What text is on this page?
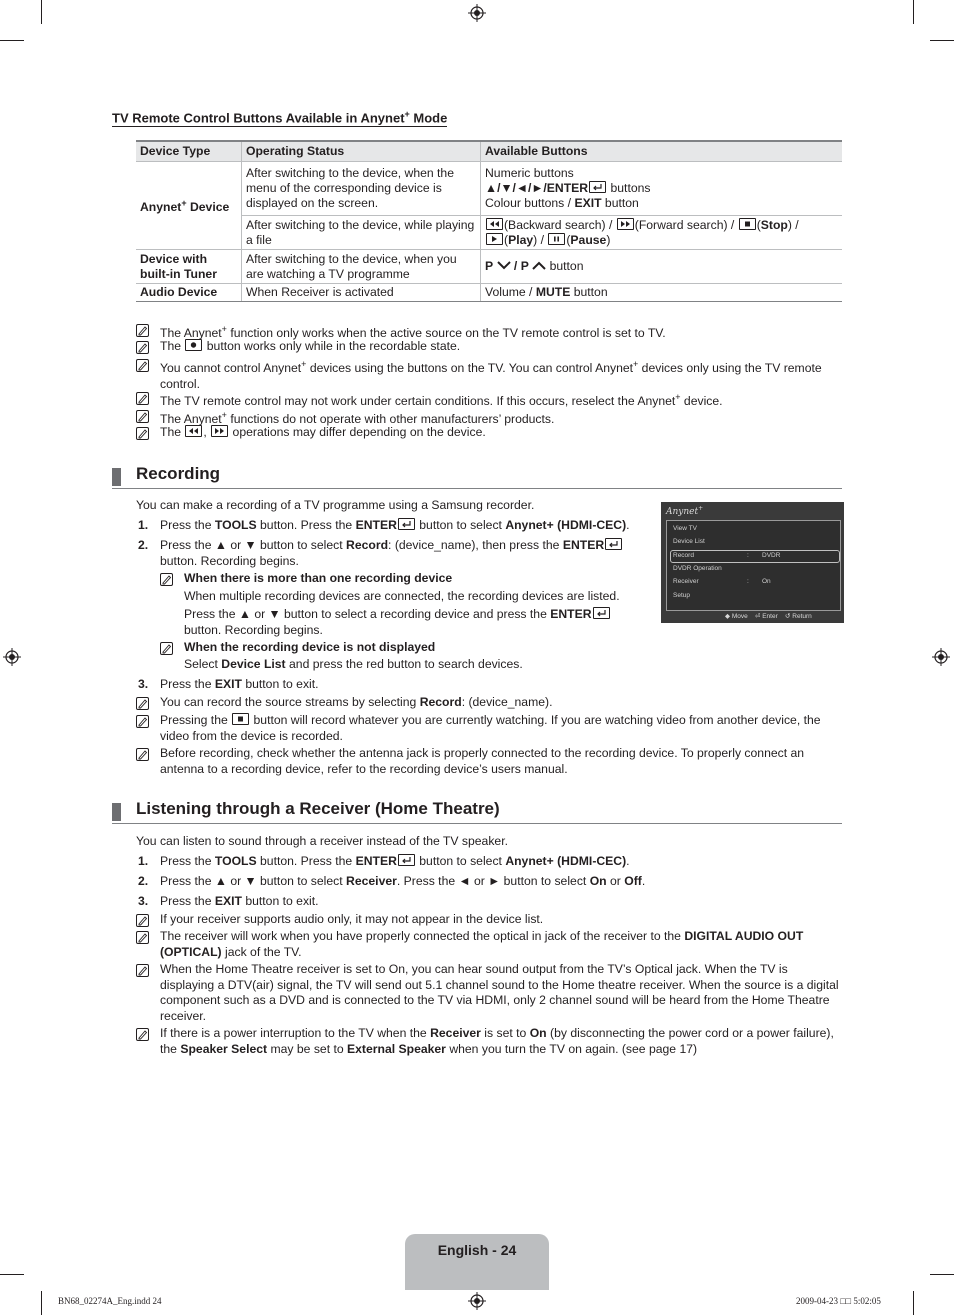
TV Remote Control Buttons Available in Anynet+ Mode
Device Type	Operating Status	Available Buttons
Anynet+ Device	After switching to the device, when the menu of the corresponding device is displayed on the screen.	Numeric buttons
▲/▼/◄/►/ENTER
buttons
Colour buttons / EXIT button

	After switching to the device, while playing a file	(Backward search) /
(Forward search) /
(Stop) /

(Play) /
(Pause)
Device with built-in Tuner	After switching to the device, when you are watching a TV programme	P  / P  button
Audio Device	When Receiver is activated	Volume / MUTE button
The Anynet+ function only works when the active source on the TV remote control is set to TV.
The
button works only while in the recordable state.
You cannot control Anynet+ devices using the buttons on the TV. You can control Anynet+ devices only using the TV remote
control.
The TV remote control may not work under certain conditions. If this occurs, reselect the Anynet+ device.
The Anynet+ functions do not operate with other manufacturers’ products.
The
,
operations may differ depending on the device.
Recording
You can make a recording of a TV programme using a Samsung recorder.
1. Press the TOOLS button. Press the ENTER
button to select Anynet+ (HDMI-CEC).
2. Press the ▲ or ▼ button to select Record: (device_name), then press the ENTER

button. Recording begins.
When there is more than one recording device
When multiple recording devices are connected, the recording devices are listed.
Press the ▲ or ▼ button to select a recording device and press the ENTER

button. Recording begins.
When the recording device is not displayed
Select Device List and press the red button to search devices.
3. Press the EXIT button to exit.
You can record the source streams by selecting Record: (device_name).
Pressing the
button will record whatever you are currently watching. If you are watching video from another device, the
video from the device is recorded.
Before recording, check whether the antenna jack is properly connected to the recording device. To properly connect an
antenna to a recording device, refer to the recording device’s users manual.
Anynet+
View TV
Device List
Record	: DVDR
DVDR Operation
Receiver	: On
Setup
◆ Move ⏎ Enter ↺ Return
Listening through a Receiver (Home Theatre)
You can listen to sound through a receiver instead of the TV speaker.
1. Press the TOOLS button. Press the ENTER
button to select Anynet+ (HDMI-CEC).
2. Press the ▲ or ▼ button to select Receiver. Press the ◄ or ► button to select On or Off.
3. Press the EXIT button to exit.
If your receiver supports audio only, it may not appear in the device list.
The receiver will work when you have properly connected the optical in jack of the receiver to the DIGITAL AUDIO OUT
(OPTICAL) jack of the TV.
When the Home Theatre receiver is set to On, you can hear sound output from the TV’s Optical jack. When the TV is
displaying a DTV(air) signal, the TV will send out 5.1 channel sound to the Home theatre receiver. When the source is a digital
component such as a DVD and is connected to the TV via HDMI, only 2 channel sound will be heard from the Home Theatre
receiver.
If there is a power interruption to the TV when the Receiver is set to On (by disconnecting the power cord or a power failure),
the Speaker Select may be set to External Speaker when you turn the TV on again. (see page 17)
English - 24
BN68_02274A_Eng.indd 24	2009-04-23 □□ 5:02:05
